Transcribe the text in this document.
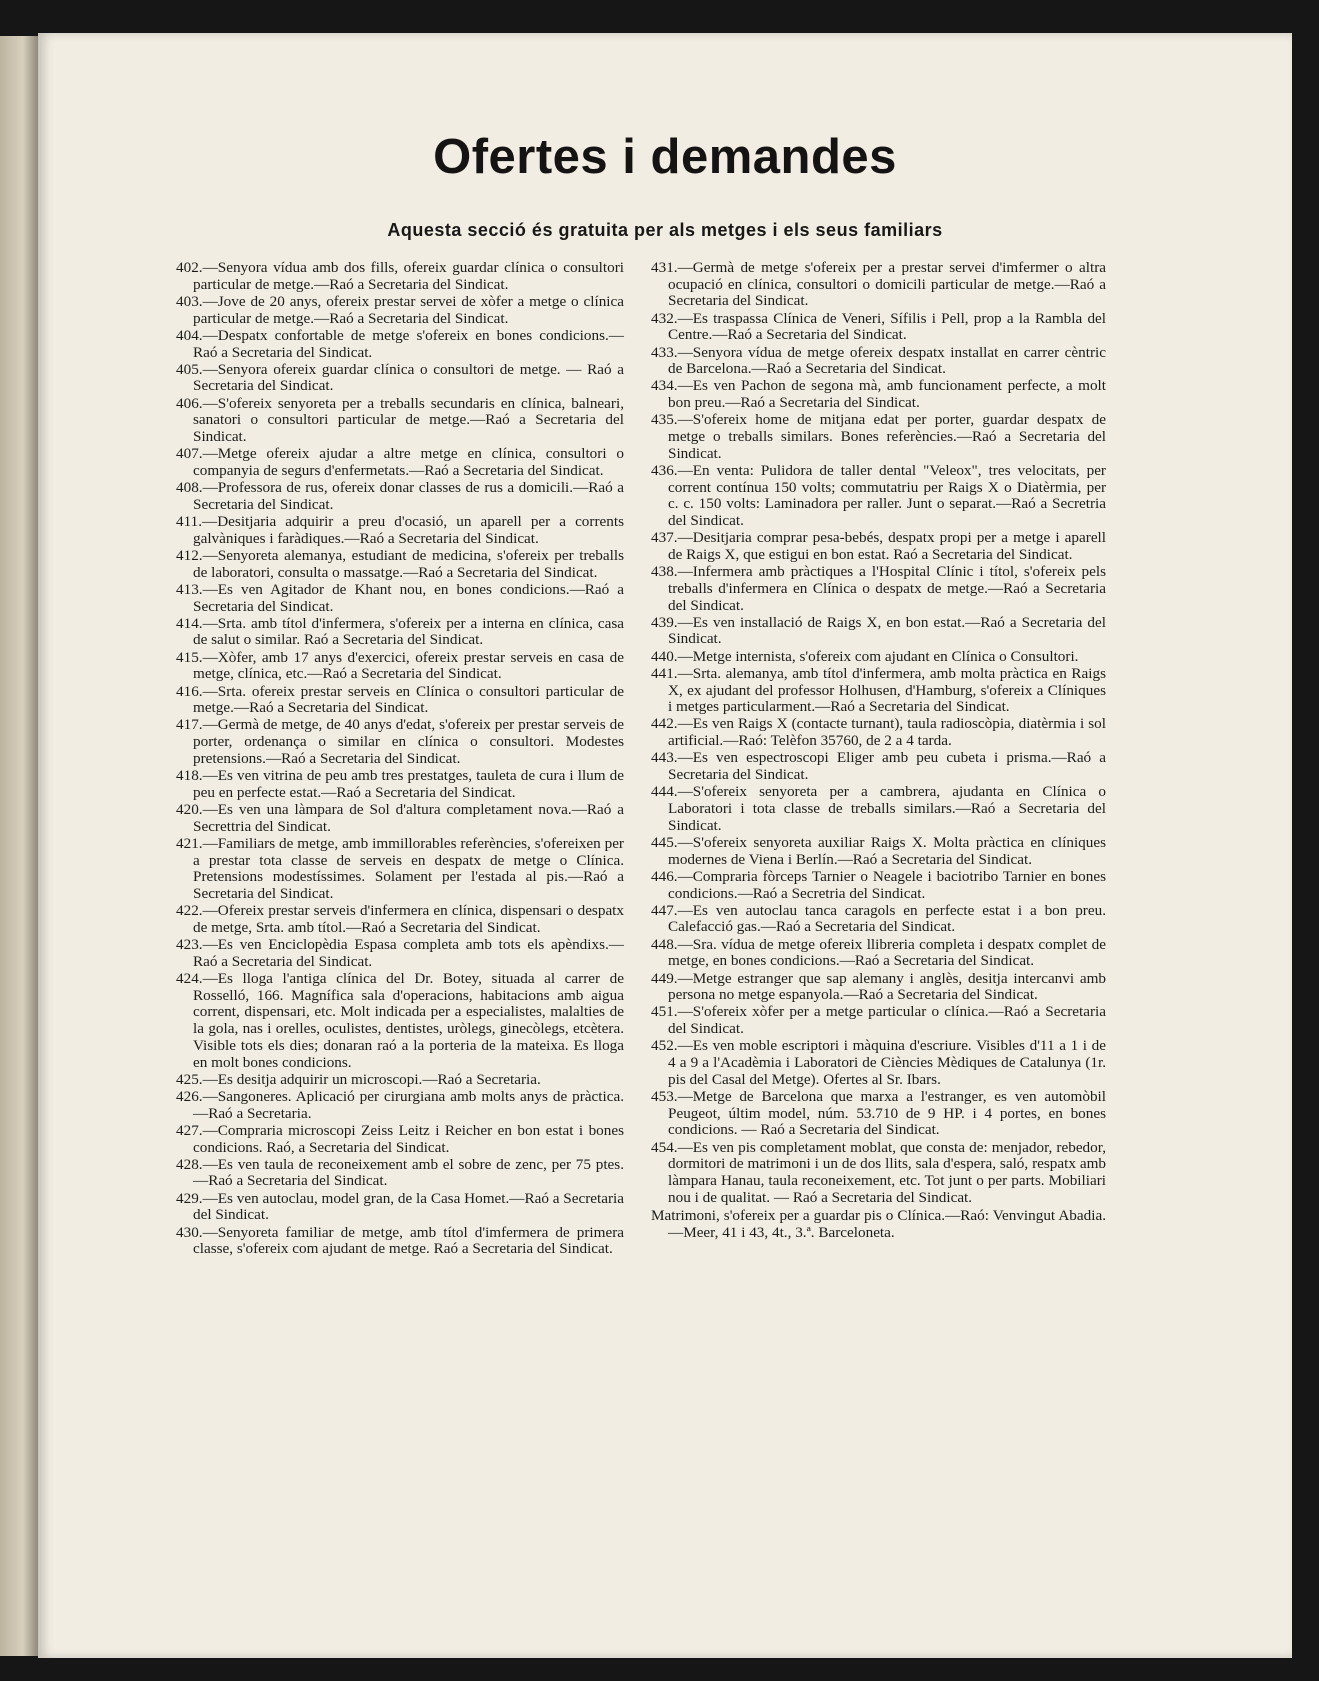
Ofertes i demandes
Aquesta secció és gratuita per als metges i els seus familiars

402.—Senyora vídua amb dos fills, ofereix guardar clínica o consultori particular de metge.—Raó a Secretaria del Sindicat.

403.—Jove de 20 anys, ofereix prestar servei de xòfer a metge o clínica particular de metge.—Raó a Secretaria del Sindicat.

404.—Despatx confortable de metge s'ofereix en bones condicions.—Raó a Secretaria del Sindicat.

405.—Senyora ofereix guardar clínica o consultori de metge. — Raó a Secretaria del Sindicat.

406.—S'ofereix senyoreta per a treballs secundaris en clínica, balneari, sanatori o consultori particular de metge.—Raó a Secretaria del Sindicat.

407.—Metge ofereix ajudar a altre metge en clínica, consultori o companyia de segurs d'enfermetats.—Raó a Secretaria del Sindicat.

408.—Professora de rus, ofereix donar classes de rus a domicili.—Raó a Secretaria del Sindicat.

411.—Desitjaria adquirir a preu d'ocasió, un aparell per a corrents galvàniques i faràdiques.—Raó a Secretaria del Sindicat.

412.—Senyoreta alemanya, estudiant de medicina, s'ofereix per treballs de laboratori, consulta o massatge.—Raó a Secretaria del Sindicat.

413.—Es ven Agitador de Khant nou, en bones condicions.—Raó a Secretaria del Sindicat.

414.—Srta. amb títol d'infermera, s'ofereix per a interna en clínica, casa de salut o similar. Raó a Secretaria del Sindicat.

415.—Xòfer, amb 17 anys d'exercici, ofereix prestar serveis en casa de metge, clínica, etc.—Raó a Secretaria del Sindicat.

416.—Srta. ofereix prestar serveis en Clínica o consultori particular de metge.—Raó a Secretaria del Sindicat.

417.—Germà de metge, de 40 anys d'edat, s'ofereix per prestar serveis de porter, ordenança o similar en clínica o consultori. Modestes pretensions.—Raó a Secretaria del Sindicat.

418.—Es ven vitrina de peu amb tres prestatges, tauleta de cura i llum de peu en perfecte estat.—Raó a Secretaria del Sindicat.

420.—Es ven una làmpara de Sol d'altura completament nova.—Raó a Secrettria del Sindicat.

421.—Familiars de metge, amb immillorables referències, s'ofereixen per a prestar tota classe de serveis en despatx de metge o Clínica. Pretensions modestíssimes. Solament per l'estada al pis.—Raó a Secretaria del Sindicat.

422.—Ofereix prestar serveis d'infermera en clínica, dispensari o despatx de metge, Srta. amb títol.—Raó a Secretaria del Sindicat.

423.—Es ven Enciclopèdia Espasa completa amb tots els apèndixs.—Raó a Secretaria del Sindicat.

424.—Es lloga l'antiga clínica del Dr. Botey, situada al carrer de Rosselló, 166. Magnífica sala d'operacions, habitacions amb aigua corrent, dispensari, etc. Molt indicada per a especialistes, malalties de la gola, nas i orelles, oculistes, dentistes, uròlegs, ginecòlegs, etcètera. Visible tots els dies; donaran raó a la porteria de la mateixa. Es lloga en molt bones condicions.

425.—Es desitja adquirir un microscopi.—Raó a Secretaria.

426.—Sangoneres. Aplicació per cirurgiana amb molts anys de pràctica.—Raó a Secretaria.

427.—Compraria microscopi Zeiss Leitz i Reicher en bon estat i bones condicions. Raó, a Secretaria del Sindicat.

428.—Es ven taula de reconeixement amb el sobre de zenc, per 75 ptes.—Raó a Secretaria del Sindicat.

429.—Es ven autoclau, model gran, de la Casa Homet.—Raó a Secretaria del Sindicat.

430.—Senyoreta familiar de metge, amb títol d'imfermera de primera classe, s'ofereix com ajudant de metge. Raó a Secretaria del Sindicat.

431.—Germà de metge s'ofereix per a prestar servei d'imfermer o altra ocupació en clínica, consultori o domicili particular de metge.—Raó a Secretaria del Sindicat.

432.—Es traspassa Clínica de Veneri, Sífilis i Pell, prop a la Rambla del Centre.—Raó a Secretaria del Sindicat.

433.—Senyora vídua de metge ofereix despatx installat en carrer cèntric de Barcelona.—Raó a Secretaria del Sindicat.

434.—Es ven Pachon de segona mà, amb funcionament perfecte, a molt bon preu.—Raó a Secretaria del Sindicat.

435.—S'ofereix home de mitjana edat per porter, guardar despatx de metge o treballs similars. Bones referències.—Raó a Secretaria del Sindicat.

436.—En venta: Pulidora de taller dental "Veleox", tres velocitats, per corrent contínua 150 volts; commutatriu per Raigs X o Diatèrmia, per c. c. 150 volts: Laminadora per raller. Junt o separat.—Raó a Secretria del Sindicat.

437.—Desitjaria comprar pesa-bebés, despatx propi per a metge i aparell de Raigs X, que estigui en bon estat. Raó a Secretaria del Sindicat.

438.—Infermera amb pràctiques a l'Hospital Clínic i títol, s'ofereix pels treballs d'infermera en Clínica o despatx de metge.—Raó a Secretaria del Sindicat.

439.—Es ven installació de Raigs X, en bon estat.—Raó a Secretaria del Sindicat.

440.—Metge internista, s'ofereix com ajudant en Clínica o Consultori.

441.—Srta. alemanya, amb títol d'infermera, amb molta pràctica en Raigs X, ex ajudant del professor Holhusen, d'Hamburg, s'ofereix a Clíniques i metges particularment.—Raó a Secretaria del Sindicat.

442.—Es ven Raigs X (contacte turnant), taula radioscòpia, diatèrmia i sol artificial.—Raó: Telèfon 35760, de 2 a 4 tarda.

443.—Es ven espectroscopi Eliger amb peu cubeta i prisma.—Raó a Secretaria del Sindicat.

444.—S'ofereix senyoreta per a cambrera, ajudanta en Clínica o Laboratori i tota classe de treballs similars.—Raó a Secretaria del Sindicat.

445.—S'ofereix senyoreta auxiliar Raigs X. Molta pràctica en clíniques modernes de Viena i Berlín.—Raó a Secretaria del Sindicat.

446.—Compraria fòrceps Tarnier o Neagele i baciotribo Tarnier en bones condicions.—Raó a Secretria del Sindicat.

447.—Es ven autoclau tanca caragols en perfecte estat i a bon preu. Calefacció gas.—Raó a Secretaria del Sindicat.

448.—Sra. vídua de metge ofereix llibreria completa i despatx complet de metge, en bones condicions.—Raó a Secretaria del Sindicat.

449.—Metge estranger que sap alemany i anglès, desitja intercanvi amb persona no metge espanyola.—Raó a Secretaria del Sindicat.

451.—S'ofereix xòfer per a metge particular o clínica.—Raó a Secretaria del Sindicat.

452.—Es ven moble escriptori i màquina d'escriure. Visibles d'11 a 1 i de 4 a 9 a l'Acadèmia i Laboratori de Ciències Mèdiques de Catalunya (1r. pis del Casal del Metge). Ofertes al Sr. Ibars.

453.—Metge de Barcelona que marxa a l'estranger, es ven automòbil Peugeot, últim model, núm. 53.710 de 9 HP. i 4 portes, en bones condicions. — Raó a Secretaria del Sindicat.

454.—Es ven pis completament moblat, que consta de: menjador, rebedor, dormitori de matrimoni i un de dos llits, sala d'espera, saló, respatx amb làmpara Hanau, taula reconeixement, etc. Tot junt o per parts. Mobiliari nou i de qualitat. — Raó a Secretaria del Sindicat.

Matrimoni, s'ofereix per a guardar pis o Clínica.—Raó: Venvingut Abadia.—Meer, 41 i 43, 4t., 3.ª. Barceloneta.
